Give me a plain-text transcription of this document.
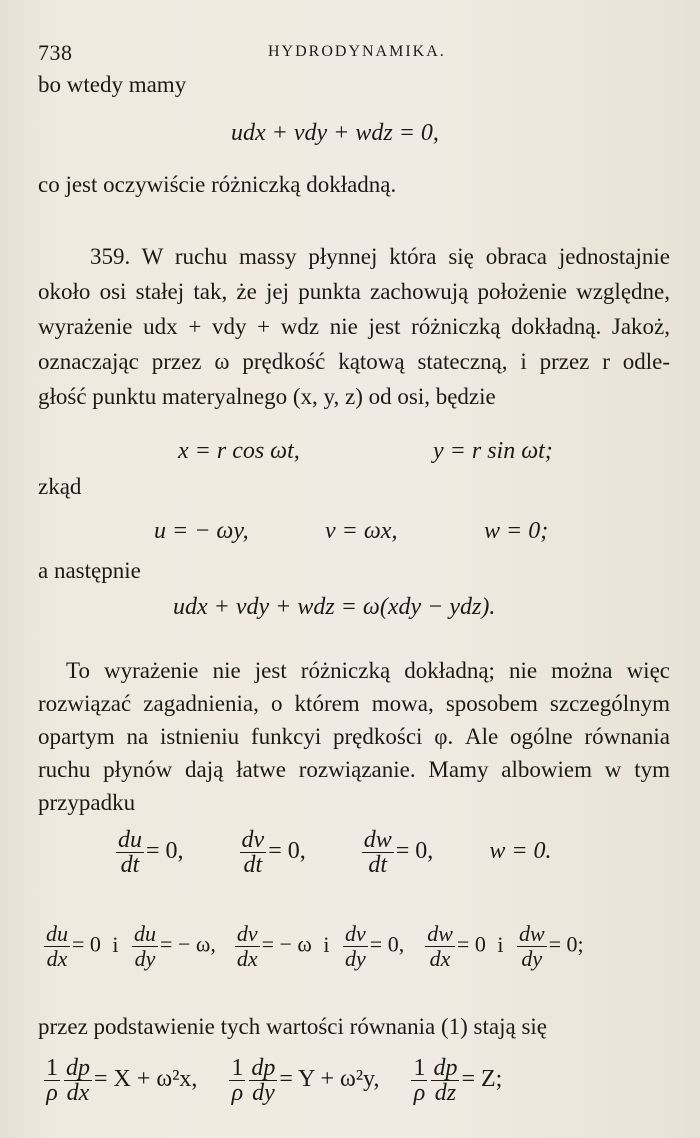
738	HYDRODYNAMIKA.
bo wtedy mamy
udx + vdy + wdz = 0,
co jest oczywiście różniczką dokładną.
359. W ruchu massy płynnej która się obraca jednostajnie
około osi stałej tak, że jej punkta zachowują położenie względne,
wyrażenie udx + vdy + wdz nie jest różniczką dokładną. Jakoż,
oznaczając przez ω prędkość kątową stateczną, i przez r odle-
głość punktu materyalnego (x, y, z) od osi, będzie
x = r cos ωt,	y = r sin ωt;
zkąd
u = − ωy,	v = ωx,	w = 0;
a następnie
udx + vdy + wdz = ω(xdy − ydz).
To wyrażenie nie jest różniczką dokładną; nie można więc
rozwiązać zagadnienia, o którem mowa, sposobem szczególnym
opartym na istnieniu funkcyi prędkości φ. Ale ogólne równania
ruchu płynów dają łatwe rozwiązanie. Mamy albowiem w tym
przypadku
$\frac{du}{dt} = 0$, $\frac{dv}{dt} = 0$, $\frac{dw}{dt} = 0$, w = 0.
$\frac{du}{dx} = 0$ i $\frac{du}{dy}$ = − ω, $\frac{dv}{dx}$ = − ω i $\frac{dv}{dy} = 0$, $\frac{dw}{dx} = 0$ i $\frac{dw}{dy} = 0$;
przez podstawienie tych wartości równania (1) stają się
$\frac{1}{\rho} \frac{dp}{dx} = X + \omega^2x$, $\frac{1}{\rho} \frac{dp}{dy} = Y + \omega^2y$, $\frac{1}{\rho} \frac{dp}{dz} = Z$;
